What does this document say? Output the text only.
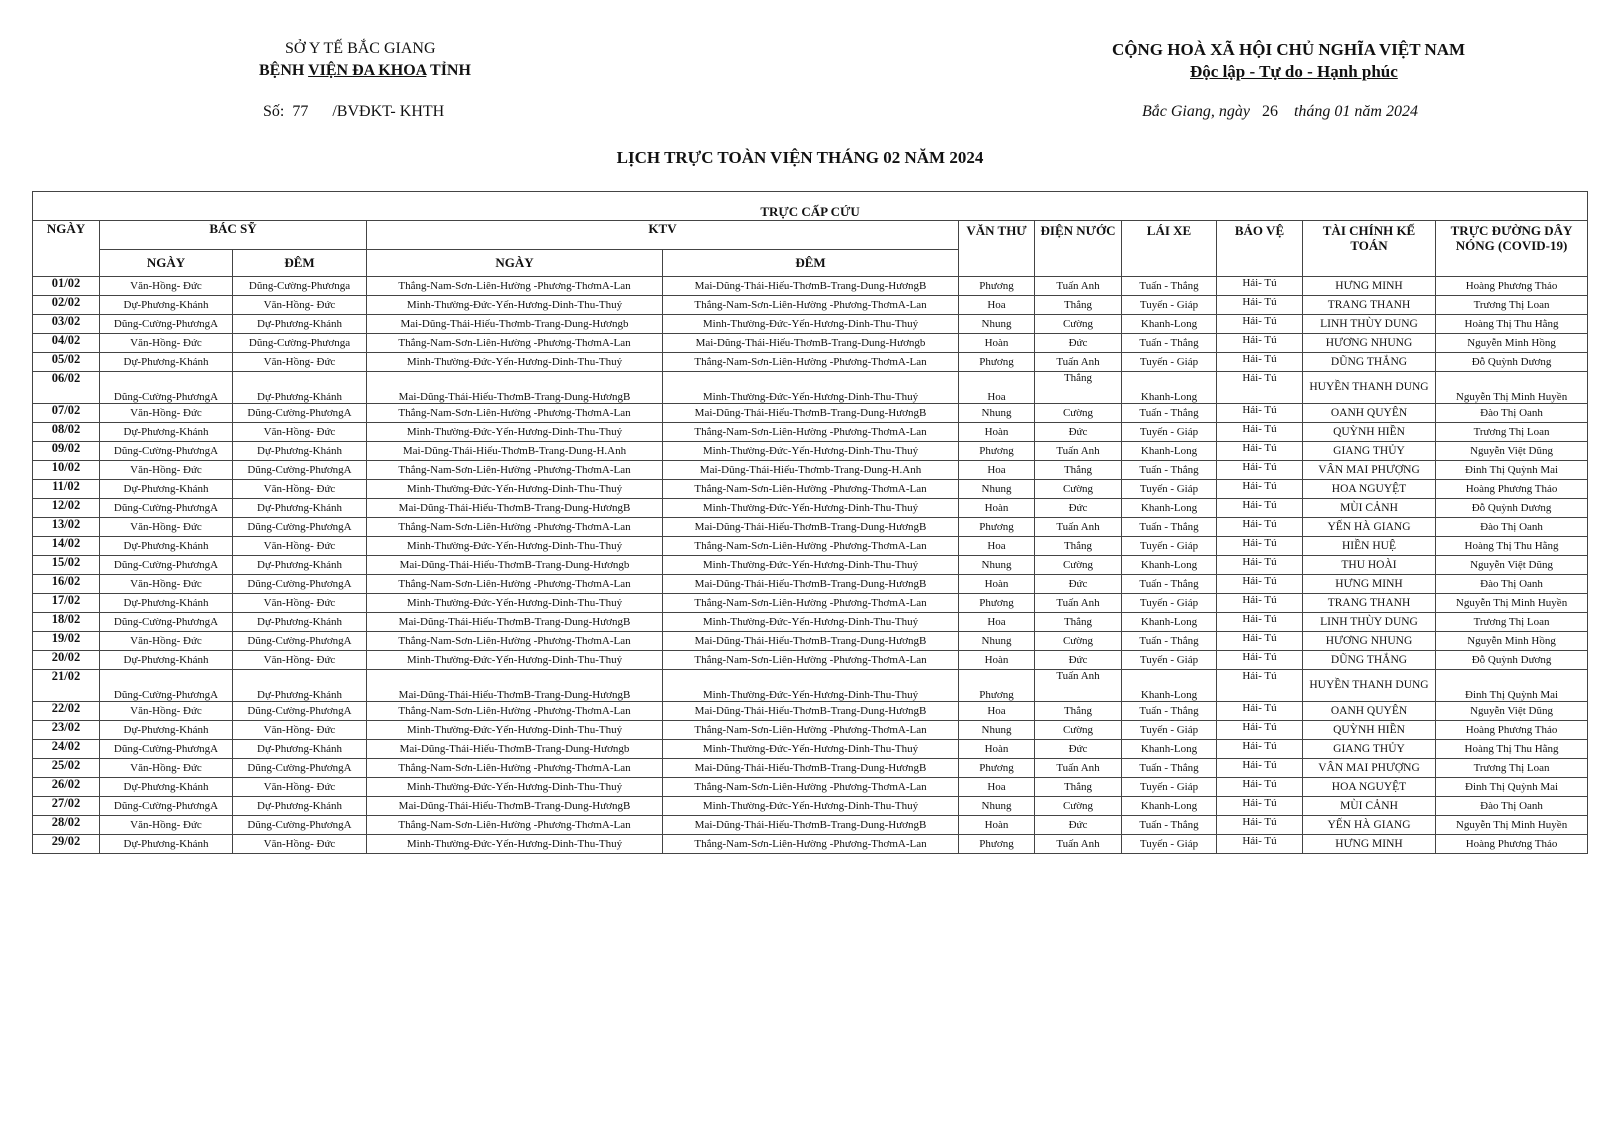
SỞ Y TẾ BẮC GIANG
BỆNH VIỆN ĐA KHOA TỈNH
Số: 77 /BVĐKT- KHTH
CỘNG HOÀ XÃ HỘI CHỦ NGHĨA VIỆT NAM
Độc lập - Tự do - Hạnh phúc
Bắc Giang, ngày 26 tháng 01 năm 2024
LỊCH TRỰC TOÀN VIỆN THÁNG 02 NĂM 2024
TRỰC CẤP CỨU										
NGÀY	BÁC SỸ		KTV		VĂN THƯ	ĐIỆN NƯỚC	LÁI XE	BẢO VỆ	TÀI CHÍNH KẾ TOÁN	TRỰC ĐƯỜNG DÂY NÓNG (COVID-19)
	NGÀY	ĐÊM	NGÀY	ĐÊM						
01/02	Văn-Hồng- Đức	Dũng-Cường-Phươnga	Thắng-Nam-Sơn-Liên-Hường -Phương-ThơmA-Lan	Mai-Dũng-Thái-Hiếu-ThơmB-Trang-Dung-HươngB	Phương	Tuấn Anh	Tuấn - Thắng	Hải- Tú	HƯNG MINH	Hoàng Phương Thảo
02/02	Dự-Phương-Khánh	Văn-Hồng- Đức	Minh-Thường-Đức-Yến-Hương-Dinh-Thu-Thuý	Thắng-Nam-Sơn-Liên-Hường -Phương-ThơmA-Lan	Hoa	Thắng	Tuyến - Giáp	Hải- Tú	TRANG THANH	Trương Thị Loan
03/02	Dũng-Cường-PhươngA	Dự-Phương-Khánh	Mai-Dũng-Thái-Hiếu-Thơmb-Trang-Dung-Hươngb	Minh-Thường-Đức-Yến-Hương-Dinh-Thu-Thuý	Nhung	Cường	Khanh-Long	Hải- Tú	LINH THÙY DUNG	Hoàng Thị Thu Hằng
04/02	Văn-Hồng- Đức	Dũng-Cường-Phươnga	Thắng-Nam-Sơn-Liên-Hường -Phương-ThơmA-Lan	Mai-Dũng-Thái-Hiếu-ThơmB-Trang-Dung-Hươngb	Hoàn	Đức	Tuấn - Thắng	Hải- Tú	HƯƠNG NHUNG	Nguyễn Minh Hồng
05/02	Dự-Phương-Khánh	Văn-Hồng- Đức	Minh-Thường-Đức-Yến-Hương-Dinh-Thu-Thuý	Thắng-Nam-Sơn-Liên-Hường -Phương-ThơmA-Lan	Phương	Tuấn Anh	Tuyến - Giáp	Hải- Tú	DŨNG THẮNG	Đỗ Quỳnh Dương
06/02	Dũng-Cường-PhươngA	Dự-Phương-Khánh	Mai-Dũng-Thái-Hiếu-ThơmB-Trang-Dung-HươngB	Minh-Thường-Đức-Yến-Hương-Dinh-Thu-Thuý	Hoa	Thắng	Khanh-Long	Hải- Tú	HUYỀN THANH DUNG	Nguyễn Thị Minh Huyền
07/02	Văn-Hồng- Đức	Dũng-Cường-PhươngA	Thắng-Nam-Sơn-Liên-Hường -Phương-ThơmA-Lan	Mai-Dũng-Thái-Hiếu-ThơmB-Trang-Dung-HươngB	Nhung	Cường	Tuấn - Thắng	Hải- Tú	OANH QUYÊN	Đào Thị Oanh
08/02	Dự-Phương-Khánh	Văn-Hồng- Đức	Minh-Thường-Đức-Yến-Hương-Dinh-Thu-Thuý	Thắng-Nam-Sơn-Liên-Hường -Phương-ThơmA-Lan	Hoàn	Đức	Tuyến - Giáp	Hải- Tú	QUỲNH HIỀN	Trương Thị Loan
09/02	Dũng-Cường-PhươngA	Dự-Phương-Khánh	Mai-Dũng-Thái-Hiếu-ThơmB-Trang-Dung-H.Anh	Minh-Thường-Đức-Yến-Hương-Dinh-Thu-Thuý	Phương	Tuấn Anh	Khanh-Long	Hải- Tú	GIANG THỦY	Nguyễn Việt Dũng
10/02	Văn-Hồng- Đức	Dũng-Cường-PhươngA	Thắng-Nam-Sơn-Liên-Hường -Phương-ThơmA-Lan	Mai-Dũng-Thái-Hiếu-Thơmb-Trang-Dung-H.Anh	Hoa	Thắng	Tuấn - Thắng	Hải- Tú	VÂN MAI PHƯỢNG	Đinh Thị Quỳnh Mai
11/02	Dự-Phương-Khánh	Văn-Hồng- Đức	Minh-Thường-Đức-Yến-Hương-Dinh-Thu-Thuý	Thắng-Nam-Sơn-Liên-Hường -Phương-ThơmA-Lan	Nhung	Cường	Tuyến - Giáp	Hải- Tú	HOA NGUYỆT	Hoàng Phương Thảo
12/02	Dũng-Cường-PhươngA	Dự-Phương-Khánh	Mai-Dũng-Thái-Hiếu-ThơmB-Trang-Dung-HươngB	Minh-Thường-Đức-Yến-Hương-Dinh-Thu-Thuý	Hoàn	Đức	Khanh-Long	Hải- Tú	MÙI CẢNH	Đỗ Quỳnh Dương
13/02	Văn-Hồng- Đức	Dũng-Cường-PhươngA	Thắng-Nam-Sơn-Liên-Hường -Phương-ThơmA-Lan	Mai-Dũng-Thái-Hiếu-ThơmB-Trang-Dung-HươngB	Phương	Tuấn Anh	Tuấn - Thắng	Hải- Tú	YẾN HÀ GIANG	Đào Thị Oanh
14/02	Dự-Phương-Khánh	Văn-Hồng- Đức	Minh-Thường-Đức-Yến-Hương-Dinh-Thu-Thuý	Thắng-Nam-Sơn-Liên-Hường -Phương-ThơmA-Lan	Hoa	Thắng	Tuyến - Giáp	Hải- Tú	HIỀN HUỆ	Hoàng Thị Thu Hằng
15/02	Dũng-Cường-PhươngA	Dự-Phương-Khánh	Mai-Dũng-Thái-Hiếu-ThơmB-Trang-Dung-Hươngb	Minh-Thường-Đức-Yến-Hương-Dinh-Thu-Thuý	Nhung	Cường	Khanh-Long	Hải- Tú	THU HOÀI	Nguyễn Việt Dũng
16/02	Văn-Hồng- Đức	Dũng-Cường-PhươngA	Thắng-Nam-Sơn-Liên-Hường -Phương-ThơmA-Lan	Mai-Dũng-Thái-Hiếu-ThơmB-Trang-Dung-HươngB	Hoàn	Đức	Tuấn - Thắng	Hải- Tú	HƯNG MINH	Đào Thị Oanh
17/02	Dự-Phương-Khánh	Văn-Hồng- Đức	Minh-Thường-Đức-Yến-Hương-Dinh-Thu-Thuý	Thắng-Nam-Sơn-Liên-Hường -Phương-ThơmA-Lan	Phương	Tuấn Anh	Tuyến - Giáp	Hải- Tú	TRANG THANH	Nguyễn Thị Minh Huyền
18/02	Dũng-Cường-PhươngA	Dự-Phương-Khánh	Mai-Dũng-Thái-Hiếu-ThơmB-Trang-Dung-HươngB	Minh-Thường-Đức-Yến-Hương-Dinh-Thu-Thuý	Hoa	Thắng	Khanh-Long	Hải- Tú	LINH THÙY DUNG	Trương Thị Loan
19/02	Văn-Hồng- Đức	Dũng-Cường-PhươngA	Thắng-Nam-Sơn-Liên-Hường -Phương-ThơmA-Lan	Mai-Dũng-Thái-Hiếu-ThơmB-Trang-Dung-HươngB	Nhung	Cường	Tuấn - Thắng	Hải- Tú	HƯƠNG NHUNG	Nguyễn Minh Hồng
20/02	Dự-Phương-Khánh	Văn-Hồng- Đức	Minh-Thường-Đức-Yến-Hương-Dinh-Thu-Thuý	Thắng-Nam-Sơn-Liên-Hường -Phương-ThơmA-Lan	Hoàn	Đức	Tuyến - Giáp	Hải- Tú	DŨNG THẮNG	Đỗ Quỳnh Dương
21/02	Dũng-Cường-PhươngA	Dự-Phương-Khánh	Mai-Dũng-Thái-Hiếu-ThơmB-Trang-Dung-HươngB	Minh-Thường-Đức-Yến-Hương-Dinh-Thu-Thuý	Phương	Tuấn Anh	Khanh-Long	Hải- Tú	HUYỀN THANH DUNG	Đinh Thị Quỳnh Mai
22/02	Văn-Hồng- Đức	Dũng-Cường-PhươngA	Thắng-Nam-Sơn-Liên-Hường -Phương-ThơmA-Lan	Mai-Dũng-Thái-Hiếu-ThơmB-Trang-Dung-HươngB	Hoa	Thắng	Tuấn - Thắng	Hải- Tú	OANH QUYÊN	Nguyễn Việt Dũng
23/02	Dự-Phương-Khánh	Văn-Hồng- Đức	Minh-Thường-Đức-Yến-Hương-Dinh-Thu-Thuý	Thắng-Nam-Sơn-Liên-Hường -Phương-ThơmA-Lan	Nhung	Cường	Tuyến - Giáp	Hải- Tú	QUỲNH HIỀN	Hoàng Phương Thảo
24/02	Dũng-Cường-PhươngA	Dự-Phương-Khánh	Mai-Dũng-Thái-Hiếu-ThơmB-Trang-Dung-Hươngb	Minh-Thường-Đức-Yến-Hương-Dinh-Thu-Thuý	Hoàn	Đức	Khanh-Long	Hải- Tú	GIANG THỦY	Hoàng Thị Thu Hằng
25/02	Văn-Hồng- Đức	Dũng-Cường-PhươngA	Thắng-Nam-Sơn-Liên-Hường -Phương-ThơmA-Lan	Mai-Dũng-Thái-Hiếu-ThơmB-Trang-Dung-HươngB	Phương	Tuấn Anh	Tuấn - Thắng	Hải- Tú	VÂN MAI PHƯỢNG	Trương Thị Loan
26/02	Dự-Phương-Khánh	Văn-Hồng- Đức	Minh-Thường-Đức-Yến-Hương-Dinh-Thu-Thuý	Thắng-Nam-Sơn-Liên-Hường -Phương-ThơmA-Lan	Hoa	Thắng	Tuyến - Giáp	Hải- Tú	HOA NGUYỆT	Đinh Thị Quỳnh Mai
27/02	Dũng-Cường-PhươngA	Dự-Phương-Khánh	Mai-Dũng-Thái-Hiếu-ThơmB-Trang-Dung-HươngB	Minh-Thường-Đức-Yến-Hương-Dinh-Thu-Thuý	Nhung	Cường	Khanh-Long	Hải- Tú	MÙI CẢNH	Đào Thị Oanh
28/02	Văn-Hồng- Đức	Dũng-Cường-PhươngA	Thắng-Nam-Sơn-Liên-Hường -Phương-ThơmA-Lan	Mai-Dũng-Thái-Hiếu-ThơmB-Trang-Dung-HươngB	Hoàn	Đức	Tuấn - Thắng	Hải- Tú	YẾN HÀ GIANG	Nguyễn Thị Minh Huyền
29/02	Dự-Phương-Khánh	Văn-Hồng- Đức	Minh-Thường-Đức-Yến-Hương-Dinh-Thu-Thuý	Thắng-Nam-Sơn-Liên-Hường -Phương-ThơmA-Lan	Phương	Tuấn Anh	Tuyến - Giáp	Hải- Tú	HƯNG MINH	Hoàng Phương Thảo
